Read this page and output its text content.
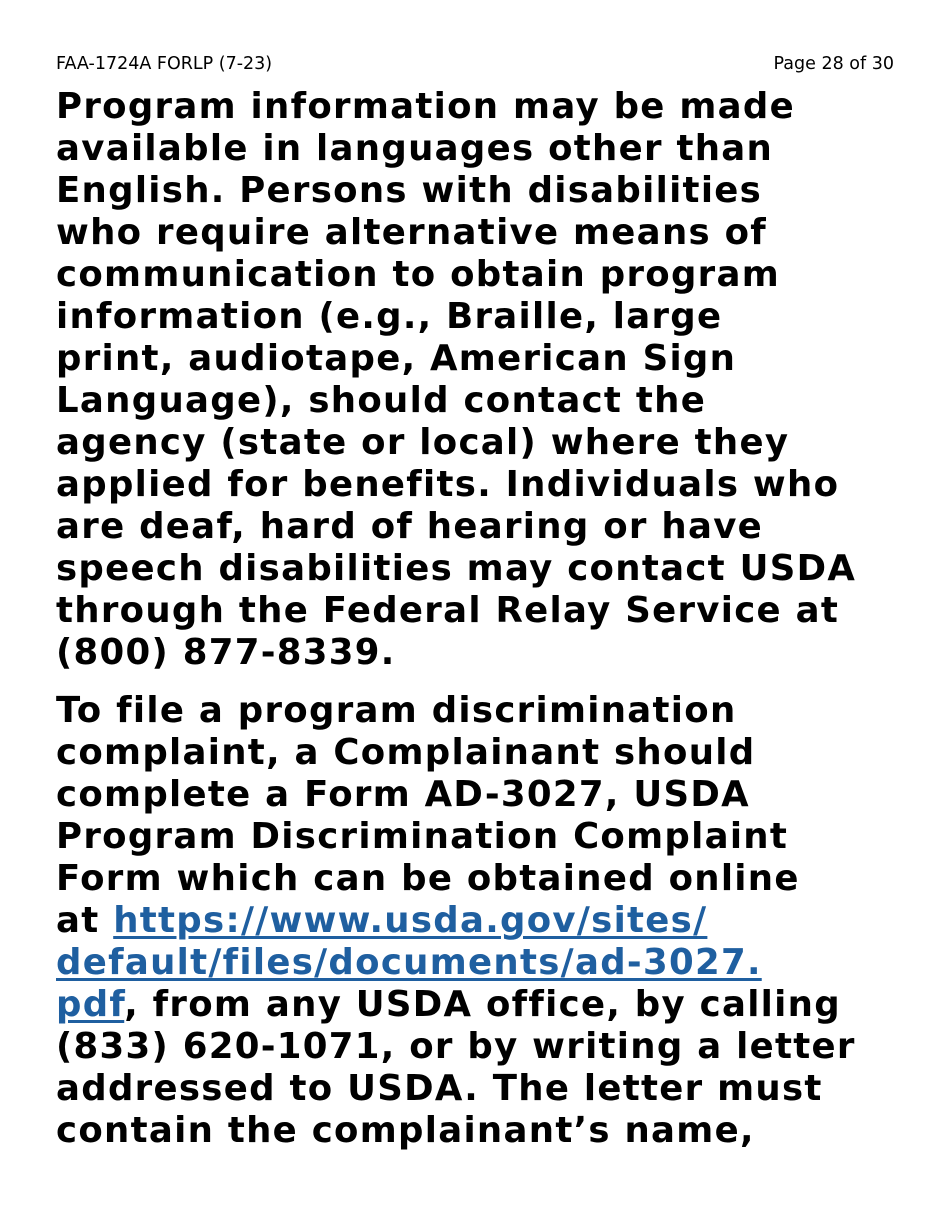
FAA-1724A FORLP (7-23)	Page 28 of 30

Program information may be made
available in languages other than
English. Persons with disabilities
who require alternative means of
communication to obtain program
information (e.g., Braille, large
print, audiotape, American Sign
Language), should contact the
agency (state or local) where they
applied for benefits. Individuals who
are deaf, hard of hearing or have
speech disabilities may contact USDA
through the Federal Relay Service at
(800) 877-8339.

To file a program discrimination
complaint, a Complainant should
complete a Form AD-3027, USDA
Program Discrimination Complaint
Form which can be obtained online
at https://www.usda.gov/sites/
default/files/documents/ad-3027.
pdf, from any USDA office, by calling
(833) 620-1071, or by writing a letter
addressed to USDA. The letter must
contain the complainant’s name,
